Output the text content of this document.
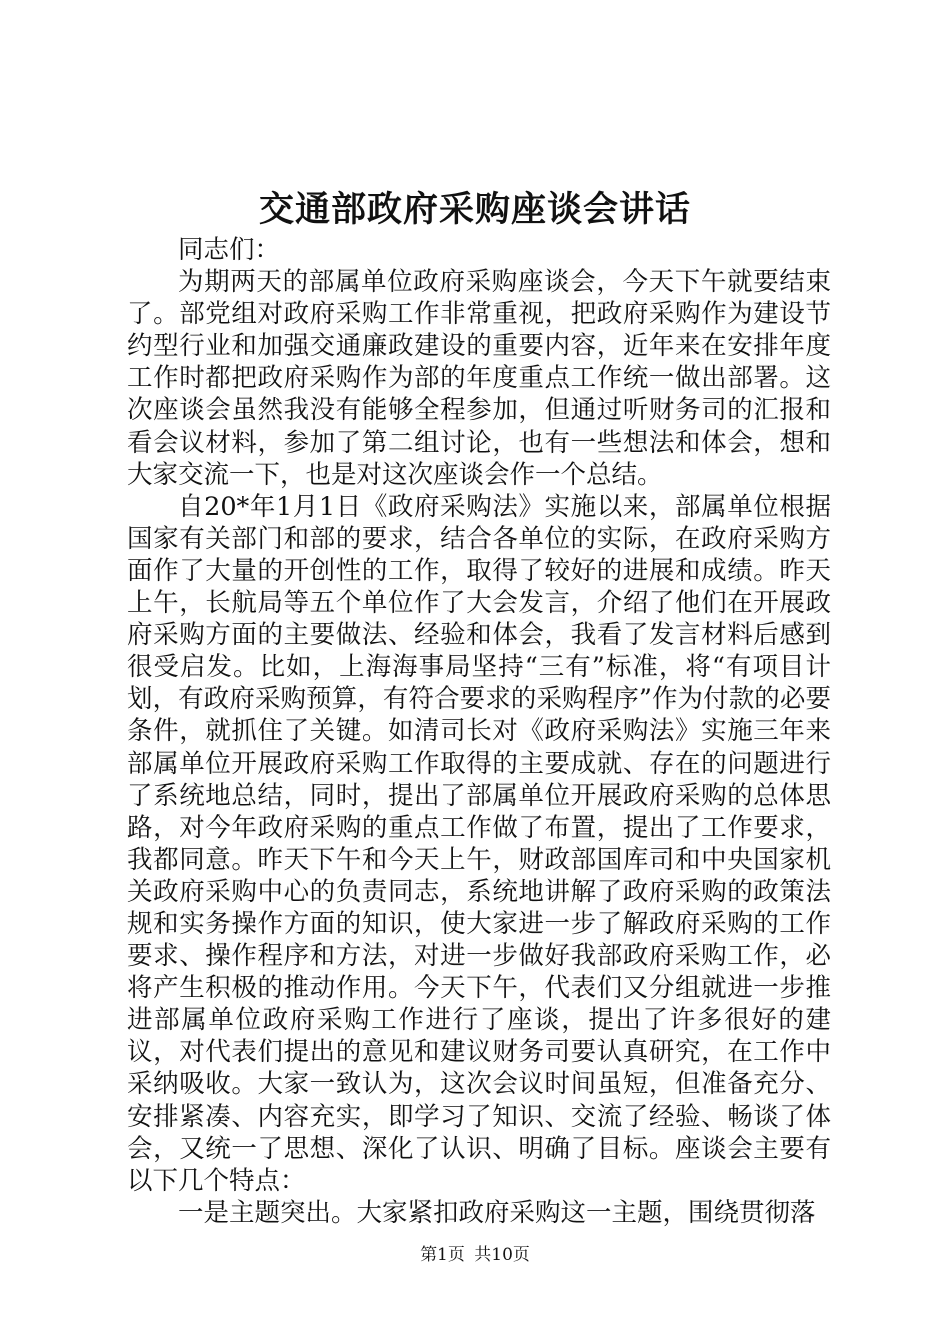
交通部政府采购座谈会讲话

同志们：

为期两天的部属单位政府采购座谈会，今天下午就要结束了。部党组对政府采购工作非常重视，把政府采购作为建设节约型行业和加强交通廉政建设的重要内容，近年来在安排年度工作时都把政府采购作为部的年度重点工作统一做出部署。这次座谈会虽然我没有能够全程参加，但通过听财务司的汇报和看会议材料，参加了第二组讨论，也有一些想法和体会，想和大家交流一下，也是对这次座谈会作一个总结。

自20*年1月1日《政府采购法》实施以来，部属单位根据国家有关部门和部的要求，结合各单位的实际，在政府采购方面作了大量的开创性的工作，取得了较好的进展和成绩。昨天上午，长航局等五个单位作了大会发言，介绍了他们在开展政府采购方面的主要做法、经验和体会，我看了发言材料后感到很受启发。比如，上海海事局坚持“三有”标准，将“有项目计划，有政府采购预算，有符合要求的采购程序”作为付款的必要条件，就抓住了关键。如清司长对《政府采购法》实施三年来部属单位开展政府采购工作取得的主要成就、存在的问题进行了系统地总结，同时，提出了部属单位开展政府采购的总体思路，对今年政府采购的重点工作做了布置，提出了工作要求，我都同意。昨天下午和今天上午，财政部国库司和中央国家机关政府采购中心的负责同志，系统地讲解了政府采购的政策法规和实务操作方面的知识，使大家进一步了解政府采购的工作要求、操作程序和方法，对进一步做好我部政府采购工作，必将产生积极的推动作用。今天下午，代表们又分组就进一步推进部属单位政府采购工作进行了座谈，提出了许多很好的建议，对代表们提出的意见和建议财务司要认真研究，在工作中采纳吸收。大家一致认为，这次会议时间虽短，但准备充分、安排紧凑、内容充实，即学习了知识、交流了经验、畅谈了体会，又统一了思想、深化了认识、明确了目标。座谈会主要有以下几个特点：

一是主题突出。大家紧扣政府采购这一主题，围绕贯彻落

第1页 共10页
